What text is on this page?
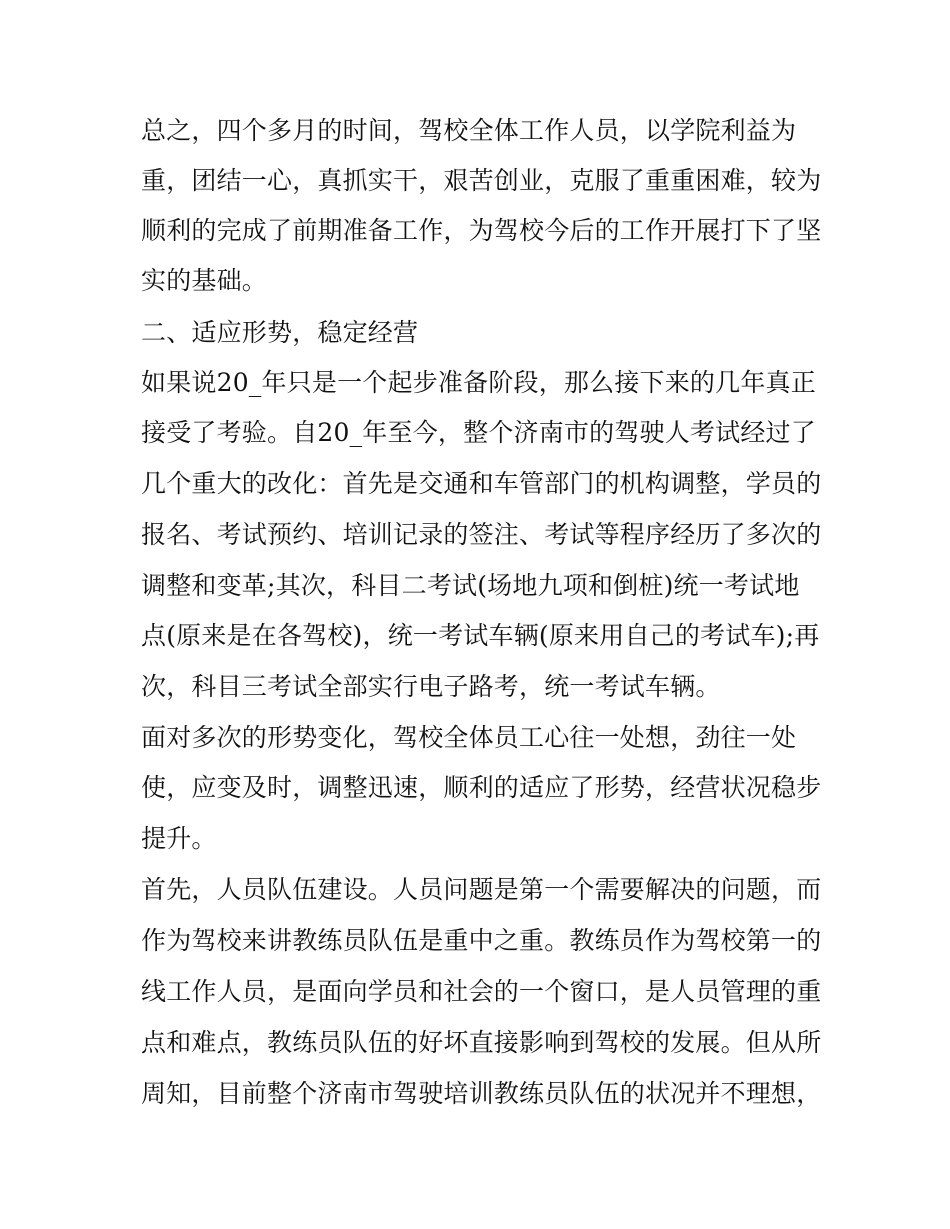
总之，四个多月的时间，驾校全体工作人员，以学院利益为
重，团结一心，真抓实干，艰苦创业，克服了重重困难，较为
顺利的完成了前期准备工作，为驾校今后的工作开展打下了坚
实的基础。
二、适应形势，稳定经营
如果说20_年只是一个起步准备阶段，那么接下来的几年真正
接受了考验。自20_年至今，整个济南市的驾驶人考试经过了
几个重大的改化：首先是交通和车管部门的机构调整，学员的
报名、考试预约、培训记录的签注、考试等程序经历了多次的
调整和变革;其次，科目二考试(场地九项和倒桩)统一考试地
点(原来是在各驾校)，统一考试车辆(原来用自己的考试车);再
次，科目三考试全部实行电子路考，统一考试车辆。
面对多次的形势变化，驾校全体员工心往一处想，劲往一处
使，应变及时，调整迅速，顺利的适应了形势，经营状况稳步
提升。
首先，人员队伍建设。人员问题是第一个需要解决的问题，而
作为驾校来讲教练员队伍是重中之重。教练员作为驾校第一的
线工作人员，是面向学员和社会的一个窗口，是人员管理的重
点和难点，教练员队伍的好坏直接影响到驾校的发展。但从所
周知，目前整个济南市驾驶培训教练员队伍的状况并不理想，
